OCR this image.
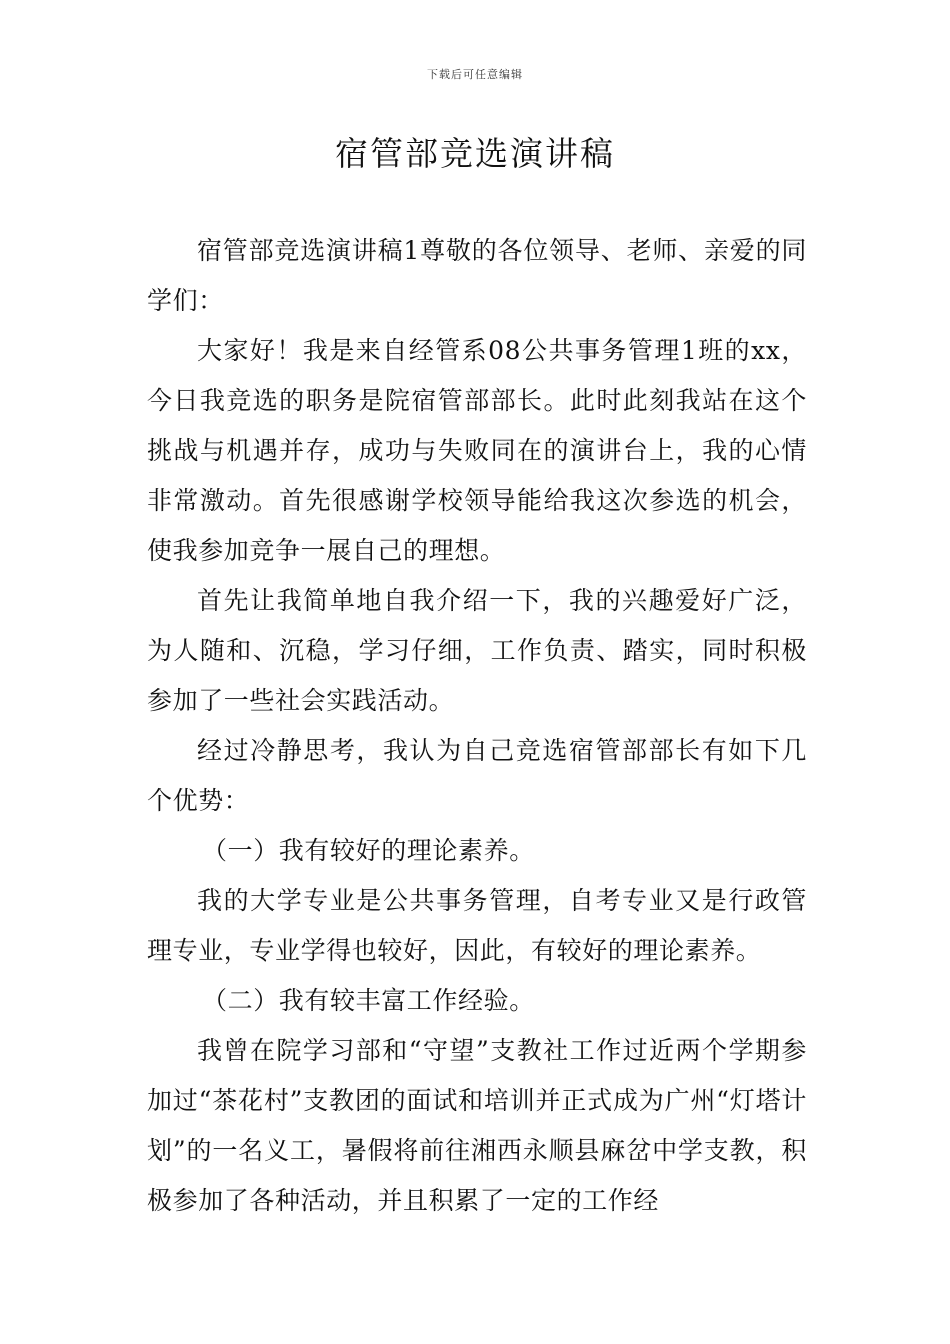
下载后可任意编辑
宿管部竞选演讲稿

宿管部竞选演讲稿1尊敬的各位领导、老师、亲爱的同学们：

大家好！我是来自经管系08公共事务管理1班的xx，今日我竞选的职务是院宿管部部长。此时此刻我站在这个挑战与机遇并存，成功与失败同在的演讲台上，我的心情非常激动。首先很感谢学校领导能给我这次参选的机会，使我参加竞争一展自己的理想。

首先让我简单地自我介绍一下，我的兴趣爱好广泛，为人随和、沉稳，学习仔细，工作负责、踏实，同时积极参加了一些社会实践活动。

经过冷静思考，我认为自己竞选宿管部部长有如下几个优势：

（一）我有较好的理论素养。

我的大学专业是公共事务管理，自考专业又是行政管理专业，专业学得也较好，因此，有较好的理论素养。

（二）我有较丰富工作经验。

我曾在院学习部和“守望”支教社工作过近两个学期参加过“茶花村”支教团的面试和培训并正式成为广州“灯塔计划”的一名义工，暑假将前往湘西永顺县麻岔中学支教，积极参加了各种活动，并且积累了一定的工作经
